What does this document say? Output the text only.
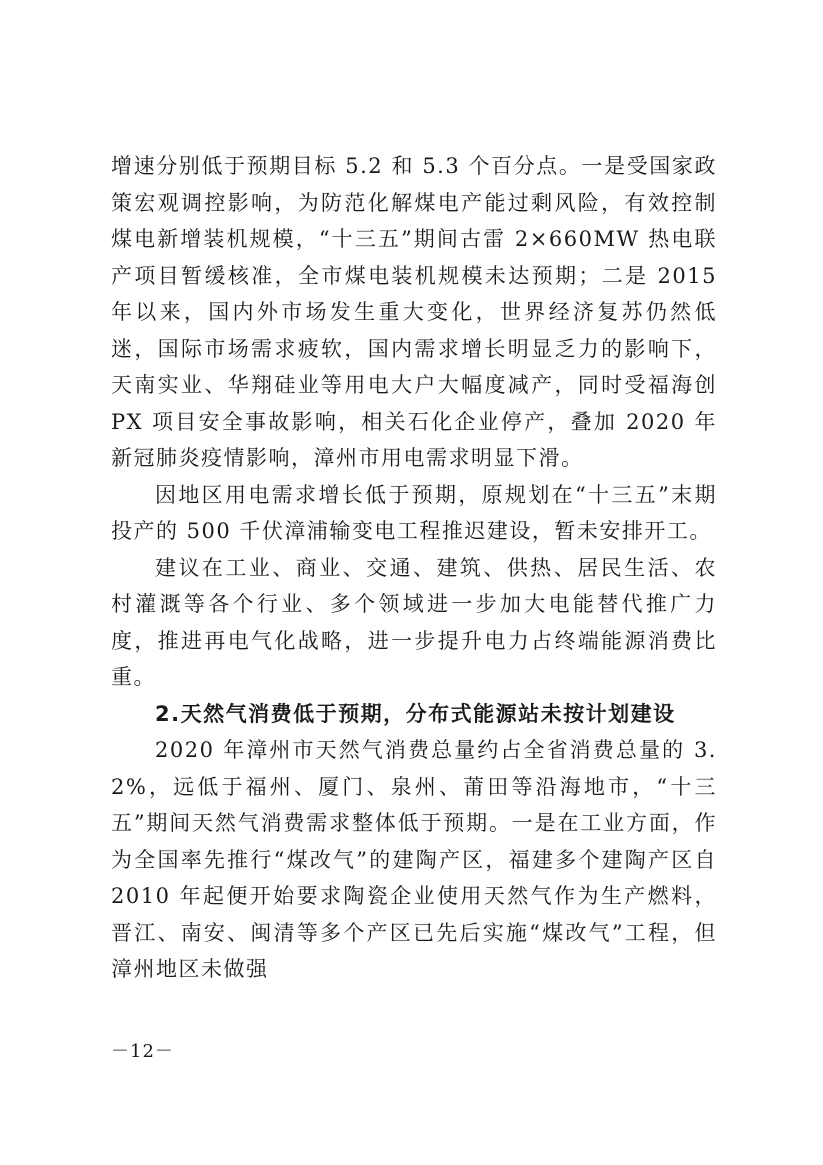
增速分别低于预期目标 5.2 和 5.3 个百分点。一是受国家政策宏观调控影响，为防范化解煤电产能过剩风险，有效控制煤电新增装机规模，“十三五”期间古雷 2×660MW 热电联产项目暂缓核准，全市煤电装机规模未达预期；二是 2015 年以来，国内外市场发生重大变化，世界经济复苏仍然低迷，国际市场需求疲软，国内需求增长明显乏力的影响下，天南实业、华翔硅业等用电大户大幅度减产，同时受福海创 PX 项目安全事故影响，相关石化企业停产，叠加 2020 年新冠肺炎疫情影响，漳州市用电需求明显下滑。

因地区用电需求增长低于预期，原规划在“十三五”末期投产的 500 千伏漳浦输变电工程推迟建设，暂未安排开工。

建议在工业、商业、交通、建筑、供热、居民生活、农村灌溉等各个行业、多个领域进一步加大电能替代推广力度，推进再电气化战略，进一步提升电力占终端能源消费比重。

2.天然气消费低于预期，分布式能源站未按计划建设

2020 年漳州市天然气消费总量约占全省消费总量的 3.2%，远低于福州、厦门、泉州、莆田等沿海地市，“十三五”期间天然气消费需求整体低于预期。一是在工业方面，作为全国率先推行“煤改气”的建陶产区，福建多个建陶产区自 2010 年起便开始要求陶瓷企业使用天然气作为生产燃料，晋江、南安、闽清等多个产区已先后实施“煤改气”工程，但漳州地区未做强

－12－
